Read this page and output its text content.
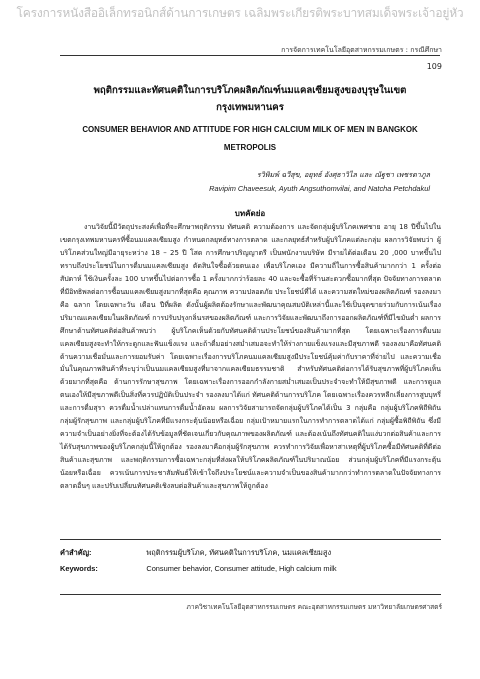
โครงการหนังสืออิเล็กทรอนิกส์ด้านการเกษตร เฉลิมพระเกียรติพระบาทสมเด็จพระเจ้าอยู่หัว
การจัดการเทคโนโลยีอุตสาหกรรมเกษตร : กรณีศึกษา
109
พฤติกรรมและทัศนคติในการบริโภคผลิตภัณฑ์นมแคลเซียมสูงของบุรุษในเขตกรุงเทพมหานคร
CONSUMER BEHAVIOR AND ATTITUDE FOR HIGH CALCIUM MILK OF MEN IN BANGKOK METROPOLIS
รวิพิมพ์ ฉวีสุข, อยุทธ์ อังศุธาวิไล และ ณัฐชา เพชรดาภูล
Ravipim Chaveesuk, Ayuth Angsuthomvilai, and Natcha Petchdakul
บทคัดย่อ
งานวิจัยนี้มีวัตถุประสงค์เพื่อที่จะศึกษาพฤติกรรม ทัศนคติ ความต้องการ และจัดกลุ่มผู้บริโภคเพศชาย อายุ 18 ปีขึ้นไปในเขตกรุงเทพมหานครที่ซื้อนมแคลเซียมสูง กำหนดกลยุทธ์ทางการตลาด และกลยุทธ์สำหรับผู้บริโภคแต่ละกลุ่ม ผลการวิจัยพบว่า ผู้บริโภคส่วนใหญ่มีอายุระหว่าง 18 – 25 ปี โสด การศึกษาปริญญาตรี เป็นพนักงานบริษัท มีรายได้ต่อเดือน 20 ,000 บาทขึ้นไป ทราบถึงประโยชน์ในการดื่มนมแคลเซียมสูง ตัดสินใจซื้อด้วยตนเอง เพื่อบริโภคเอง มีความถี่ในการซื้อสินค้ามากกว่า 1 ครั้งต่อสัปดาห์ ใช้เงินครั้งละ 100 บาทขึ้นไปต่อการซื้อ 1 ครั้งมากกว่าร้อยละ 40 และจะซื้อที่ร้านสะดวกซื้อมากที่สุด ปัจจัยทางการตลาดที่มีอิทธิพลต่อการซื้อนมแคลเซียมสูงมากที่สุดคือ คุณภาพ ความปลอดภัย ประโยชน์ที่ได้ และความสดใหม่ของผลิตภัณฑ์ รองลงมาคือ ฉลาก โดยเฉพาะวัน เดือน ปีที่ผลิต ดังนั้นผู้ผลิตต้องรักษาและพัฒนาคุณสมบัติเหล่านี้และใช้เป็นจุดขายร่วมกับการเน้นเรื่องปริมาณแคลเซียมในผลิตภัณฑ์ การปรับปรุงกลิ่นรสของผลิตภัณฑ์ และการวิจัยและพัฒนาถึงการออกผลิตภัณฑ์ที่มีไขมันต่ำ ผลการศึกษาด้านทัศนคติต่อสินค้าพบว่า ผู้บริโภคเห็นด้วยกับทัศนคติด้านประโยชน์ของสินค้ามากที่สุด โดยเฉพาะเรื่องการดื่มนมแคลเซียมสูงจะทำให้กระดูกและฟันแข็งแรง และถ้าดื่มอย่างสม่ำเสมอจะทำให้ร่างกายแข็งแรงและมีสุขภาพดี รองลงมาคือทัศนคติด้านความเชื่อมั่นและการยอมรับค่า โดยเฉพาะเรื่องการบริโภคนมแคลเซียมสูงมีประโยชน์คุ้มค่ากับราคาที่จ่ายไป และความเชื่อมั่นในคุณภาพสินค้าที่ระบุว่าเป็นนมแคลเซียมสูงที่มาจากแคลเซียมธรรมชาติ สำหรับทัศนคติต่อการได้รับสุขภาพที่ผู้บริโภคเห็นด้วยมากที่สุดคือ ด้านการรักษาสุขภาพ โดยเฉพาะเรื่องการออกกำลังกายสม่ำเสมอเป็นประจำจะทำให้มีสุขภาพดี และการดูแลตนเองให้มีสุขภาพดีเป็นสิ่งที่ควรปฏิบัติเป็นประจำ รองลงมาได้แก่ ทัศนคติด้านการบริโภค โดยเฉพาะเรื่องควรหลีกเลี่ยงการสูบบุหรี่และการดื่มสุรา ควรดื่มน้ำเปล่าแทนการดื่มน้ำอัดลม ผลการวิจัยสามารถจัดกลุ่มผู้บริโภคได้เป็น 3 กลุ่มคือ กลุ่มผู้บริโภคพิถีพิถัน กลุ่มผู้รักสุขภาพ และกลุ่มผู้บริโภคที่มีแรงกระตุ้นน้อยหรือเฉื่อย กลุ่มเป้าหมายแรกในการทำการตลาดได้แก่ กลุ่มผู้ซื้อพิถีพิถัน ซึ่งมีความจำเป็นอย่างยิ่งที่จะต้องได้รับข้อมูลที่ชัดเจนเกี่ยวกับคุณภาพของผลิตภัณฑ์ และต้องเน้นถึงทัศนคติในแง่บวกต่อสินค้าและการได้รับสุขภาพของผู้บริโภคกลุ่มนี้ให้ถูกต้อง รองลงมาคือกลุ่มผู้รักสุขภาพ ควรทำการวิจัยเพื่อหาสาเหตุที่ผู้บริโภคซื้อมีทัศนคติที่ดีต่อสินค้าและสุขภาพ และพฤติกรรมการซื้อเฉพาะกลุ่มที่ส่งผลให้บริโภคผลิตภัณฑ์ในปริมาณน้อย ส่วนกลุ่มผู้บริโภคที่มีแรงกระตุ้นน้อยหรือเฉื่อย ควรเน้นการประชาสัมพันธ์ให้เข้าใจถึงประโยชน์และความจำเป็นของสินค้ามากกว่าทำการตลาดในปัจจัยทางการตลาดอื่นๆ และปรับเปลี่ยนทัศนคติเชิงลบต่อสินค้าและสุขภาพให้ถูกต้อง
คำสำคัญ:	พฤติกรรมผู้บริโภค, ทัศนคติในการบริโภค, นมแคลเซียมสูง
Keywords:	Consumer behavior, Consumer attitude, High calcium milk
ภาควิชาเทคโนโลยีอุตสาหกรรมเกษตร คณะอุตสาหกรรมเกษตร มหาวิทยาลัยเกษตรศาสตร์
